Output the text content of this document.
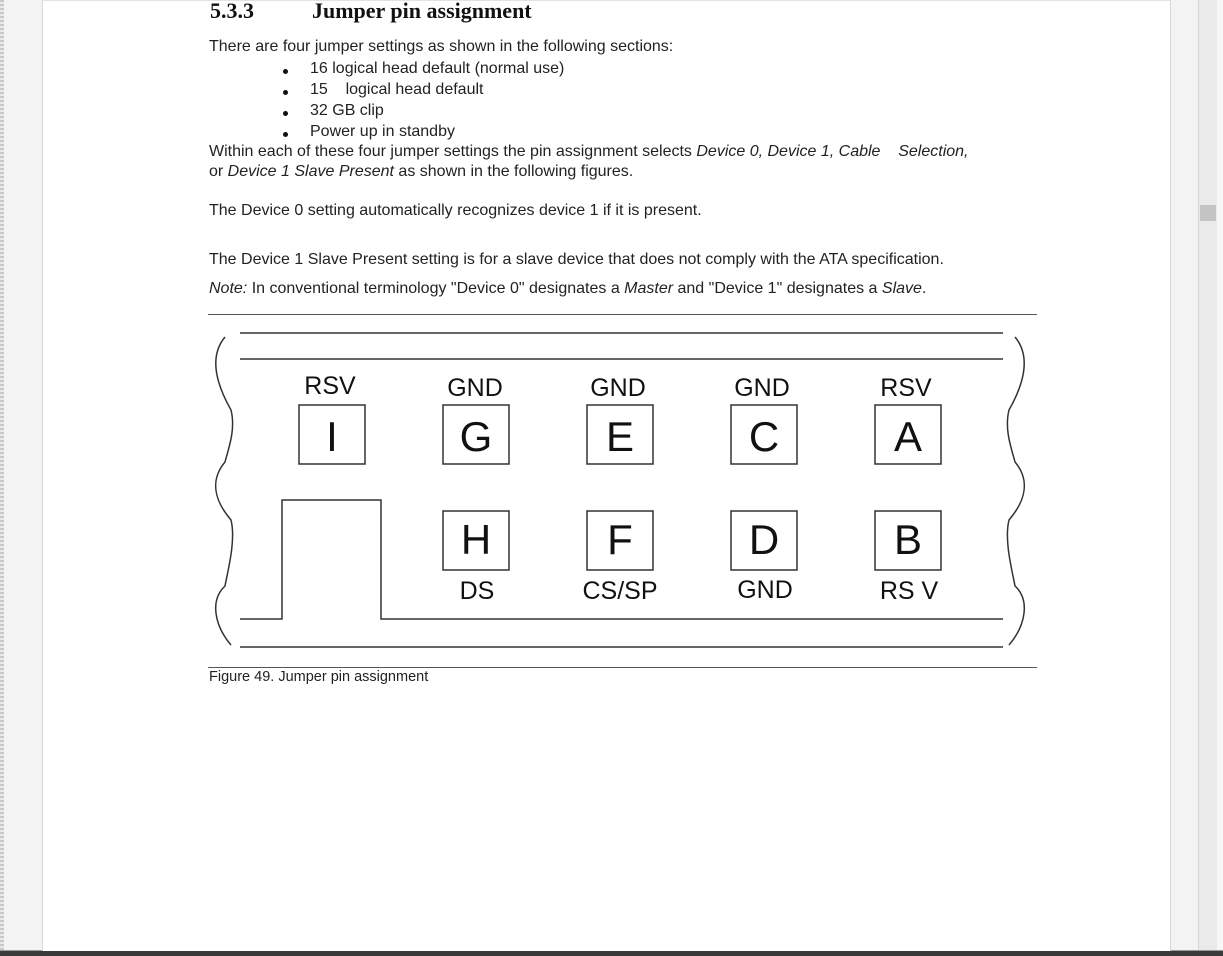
5.3.3	Jumper pin assignment
There are four jumper settings as shown in the following sections:
16 logical head default (normal use)
15    logical head default
32 GB clip
Power up in standby
Within each of these four jumper settings the pin assignment selects Device 0, Device 1, Cable    Selection,
or Device 1 Slave Present as shown in the following figures.
The Device 0 setting automatically recognizes device 1 if it is present.
The Device 1 Slave Present setting is for a slave device that does not comply with the ATA specification.
Note: In conventional terminology "Device 0" designates a Master and "Device 1" designates a Slave.
Figure 49. Jumper pin assignment
RSV	GND	GND	GND	RSV
I	G	E	C	A
H	F	D	B
DS	CS/SP	GND	RS V
